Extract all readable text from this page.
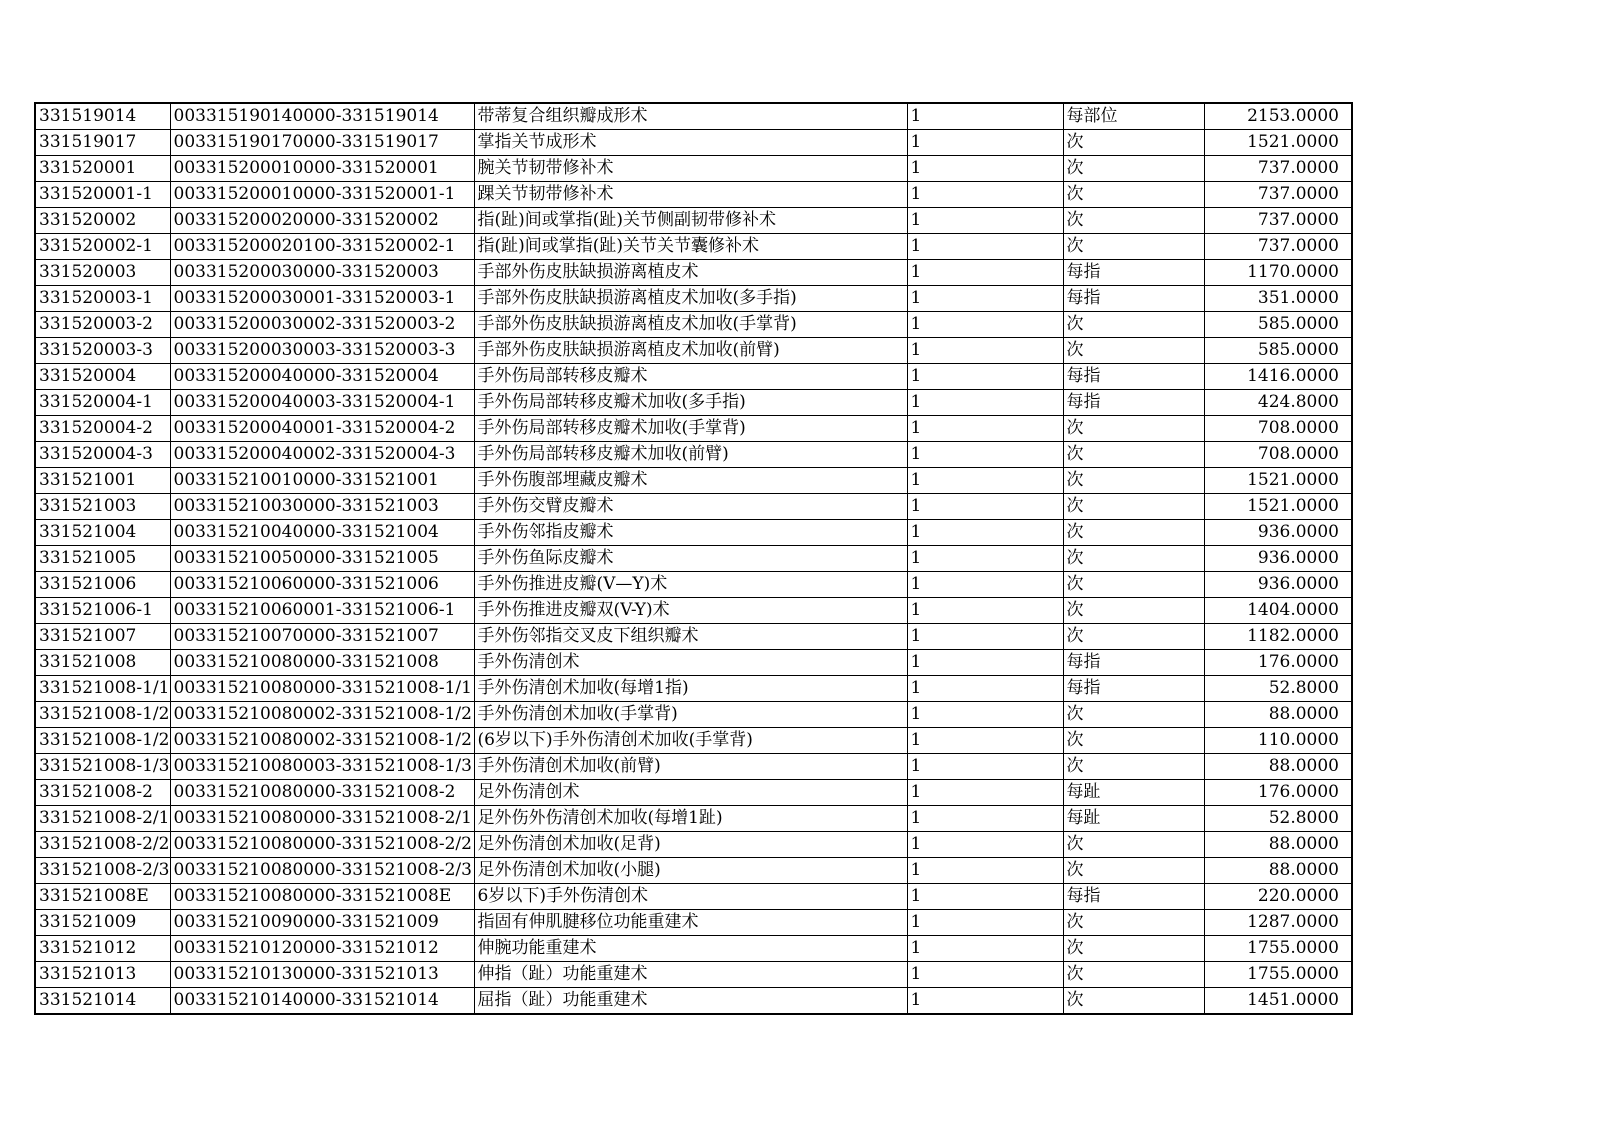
331519014	003315190140000-331519014	带蒂复合组织瓣成形术	1	每部位	2153.0000
331519017	003315190170000-331519017	掌指关节成形术	1	次	1521.0000
331520001	003315200010000-331520001	腕关节韧带修补术	1	次	737.0000
331520001-1	003315200010000-331520001-1	踝关节韧带修补术	1	次	737.0000
331520002	003315200020000-331520002	指(趾)间或掌指(趾)关节侧副韧带修补术	1	次	737.0000
331520002-1	003315200020100-331520002-1	指(趾)间或掌指(趾)关节关节囊修补术	1	次	737.0000
331520003	003315200030000-331520003	手部外伤皮肤缺损游离植皮术	1	每指	1170.0000
331520003-1	003315200030001-331520003-1	手部外伤皮肤缺损游离植皮术加收(多手指)	1	每指	351.0000
331520003-2	003315200030002-331520003-2	手部外伤皮肤缺损游离植皮术加收(手掌背)	1	次	585.0000
331520003-3	003315200030003-331520003-3	手部外伤皮肤缺损游离植皮术加收(前臂)	1	次	585.0000
331520004	003315200040000-331520004	手外伤局部转移皮瓣术	1	每指	1416.0000
331520004-1	003315200040003-331520004-1	手外伤局部转移皮瓣术加收(多手指)	1	每指	424.8000
331520004-2	003315200040001-331520004-2	手外伤局部转移皮瓣术加收(手掌背)	1	次	708.0000
331520004-3	003315200040002-331520004-3	手外伤局部转移皮瓣术加收(前臂)	1	次	708.0000
331521001	003315210010000-331521001	手外伤腹部埋藏皮瓣术	1	次	1521.0000
331521003	003315210030000-331521003	手外伤交臂皮瓣术	1	次	1521.0000
331521004	003315210040000-331521004	手外伤邻指皮瓣术	1	次	936.0000
331521005	003315210050000-331521005	手外伤鱼际皮瓣术	1	次	936.0000
331521006	003315210060000-331521006	手外伤推进皮瓣(V—Y)术	1	次	936.0000
331521006-1	003315210060001-331521006-1	手外伤推进皮瓣双(V-Y)术	1	次	1404.0000
331521007	003315210070000-331521007	手外伤邻指交叉皮下组织瓣术	1	次	1182.0000
331521008	003315210080000-331521008	手外伤清创术	1	每指	176.0000
331521008-1/1	003315210080000-331521008-1/1	手外伤清创术加收(每增1指)	1	每指	52.8000
331521008-1/2	003315210080002-331521008-1/2	手外伤清创术加收(手掌背)	1	次	88.0000
331521008-1/2	003315210080002-331521008-1/2	(6岁以下)手外伤清创术加收(手掌背)	1	次	110.0000
331521008-1/3	003315210080003-331521008-1/3	手外伤清创术加收(前臂)	1	次	88.0000
331521008-2	003315210080000-331521008-2	足外伤清创术	1	每趾	176.0000
331521008-2/1	003315210080000-331521008-2/1	足外伤外伤清创术加收(每增1趾)	1	每趾	52.8000
331521008-2/2	003315210080000-331521008-2/2	足外伤清创术加收(足背)	1	次	88.0000
331521008-2/3	003315210080000-331521008-2/3	足外伤清创术加收(小腿)	1	次	88.0000
331521008E	003315210080000-331521008E	6岁以下)手外伤清创术	1	每指	220.0000
331521009	003315210090000-331521009	指固有伸肌腱移位功能重建术	1	次	1287.0000
331521012	003315210120000-331521012	伸腕功能重建术	1	次	1755.0000
331521013	003315210130000-331521013	伸指（趾）功能重建术	1	次	1755.0000
331521014	003315210140000-331521014	屈指（趾）功能重建术	1	次	1451.0000
